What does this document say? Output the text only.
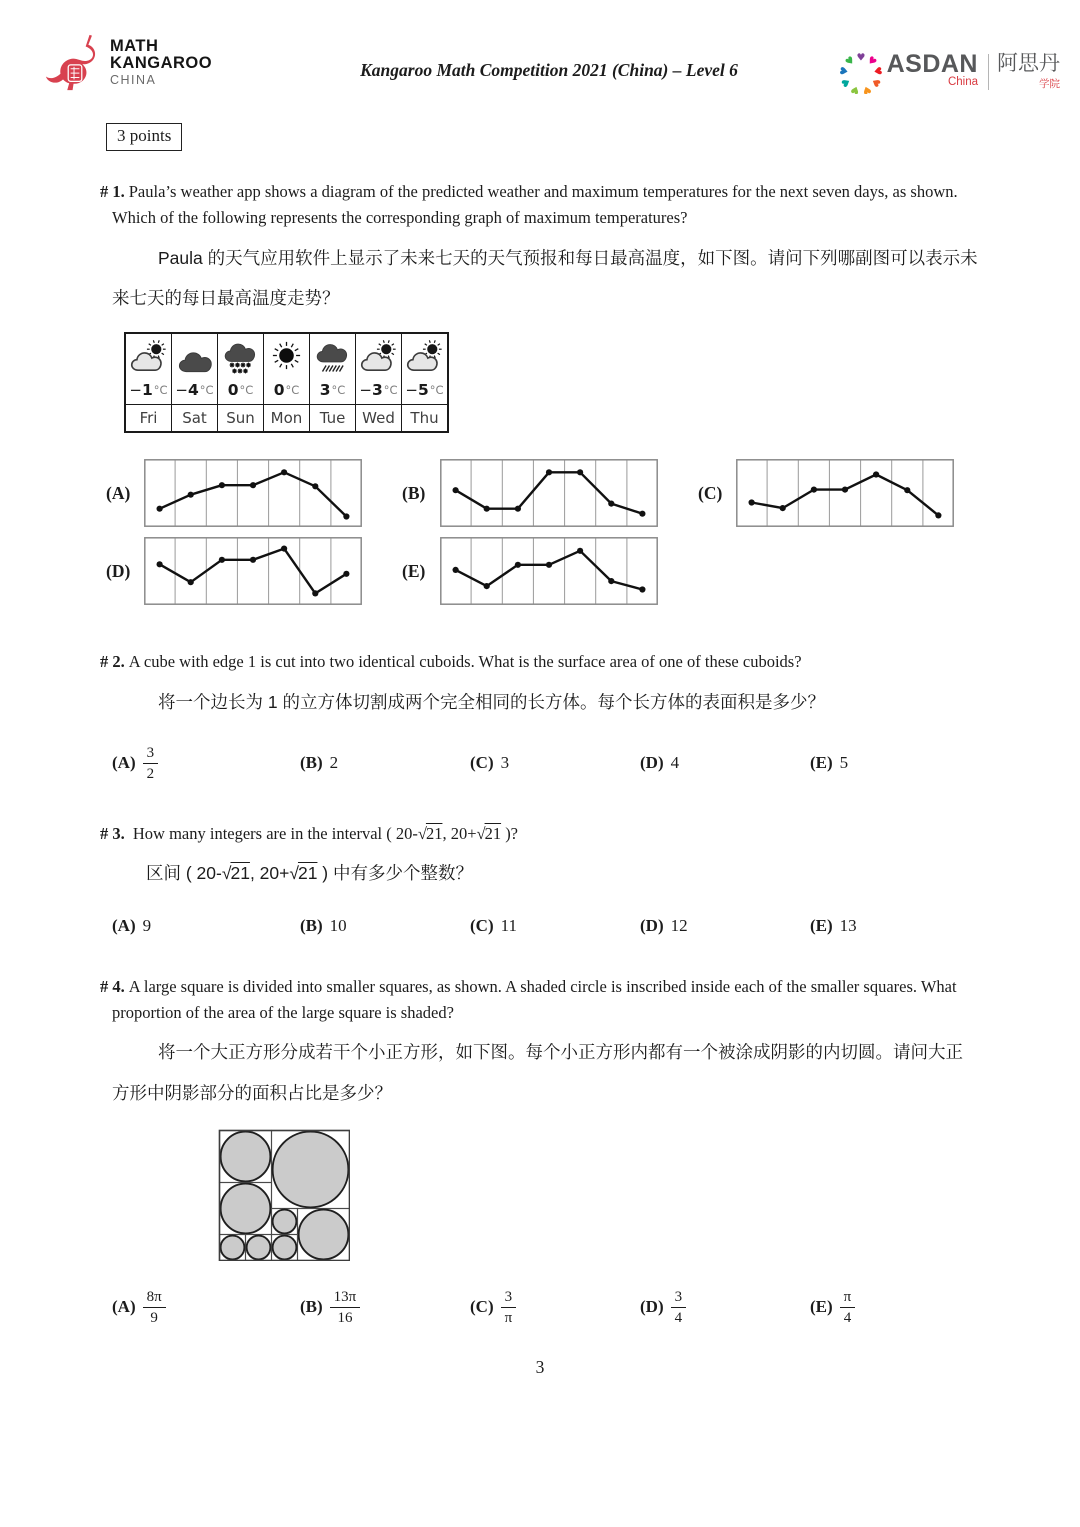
MATH
KANGAROO
CHINA	Kangaroo Math Competition 2021 (China) – Level 6
♥
♥
♥
♥
♥
♥
♥
♥
♥ ASDAN
China
阿思丹
学院
3 points

# 1. Paula’s weather app shows a diagram of the predicted weather and maximum temperatures for the next seven days, as shown. Which of the following represents the corresponding graph of maximum temperatures?

Paula 的天气应用软件上显示了未来七天的天气预报和每日最高温度，如下图。请问下列哪副图可以表示未来七天的每日最高温度走势？

− 1 °C
Fri
− 4 °C
Sat
0 °C
Sun
0 °C
Mon
3 °C
Tue
− 3 °C
Wed
− 5 °C
Thu
(A)	(B)	(C)
(D)	(E)

# 2. A cube with edge 1 is cut into two identical cuboids. What is the surface area of one of these cuboids?

将一个边长为 1 的立方体切割成两个完全相同的长方体。每个长方体的表面积是多少？

$(A) \frac{3}{2}$	(B) 2	(C) 3	(D) 4	(E) 5

# 3. How many integers are in the interval ( 20-√21, 20+√21 )?

区间 ( 20-√21, 20+√21 ) 中有多少个整数？

(A) 9	(B) 10	(C) 11	(D) 12	(E) 13

# 4. A large square is divided into smaller squares, as shown. A shaded circle is inscribed inside each of the smaller squares. What proportion of the area of the large square is shaded?

将一个大正方形分成若干个小正方形，如下图。每个小正方形内都有一个被涂成阴影的内切圆。请问大正方形中阴影部分的面积占比是多少？

$(A) \frac{8\pi}{9}$	$(B) \frac{13\pi}{16}$	$(C) \frac{3}{\pi}$	$(D) \frac{3}{4}$	$(E) \frac{\pi}{4}$
3
